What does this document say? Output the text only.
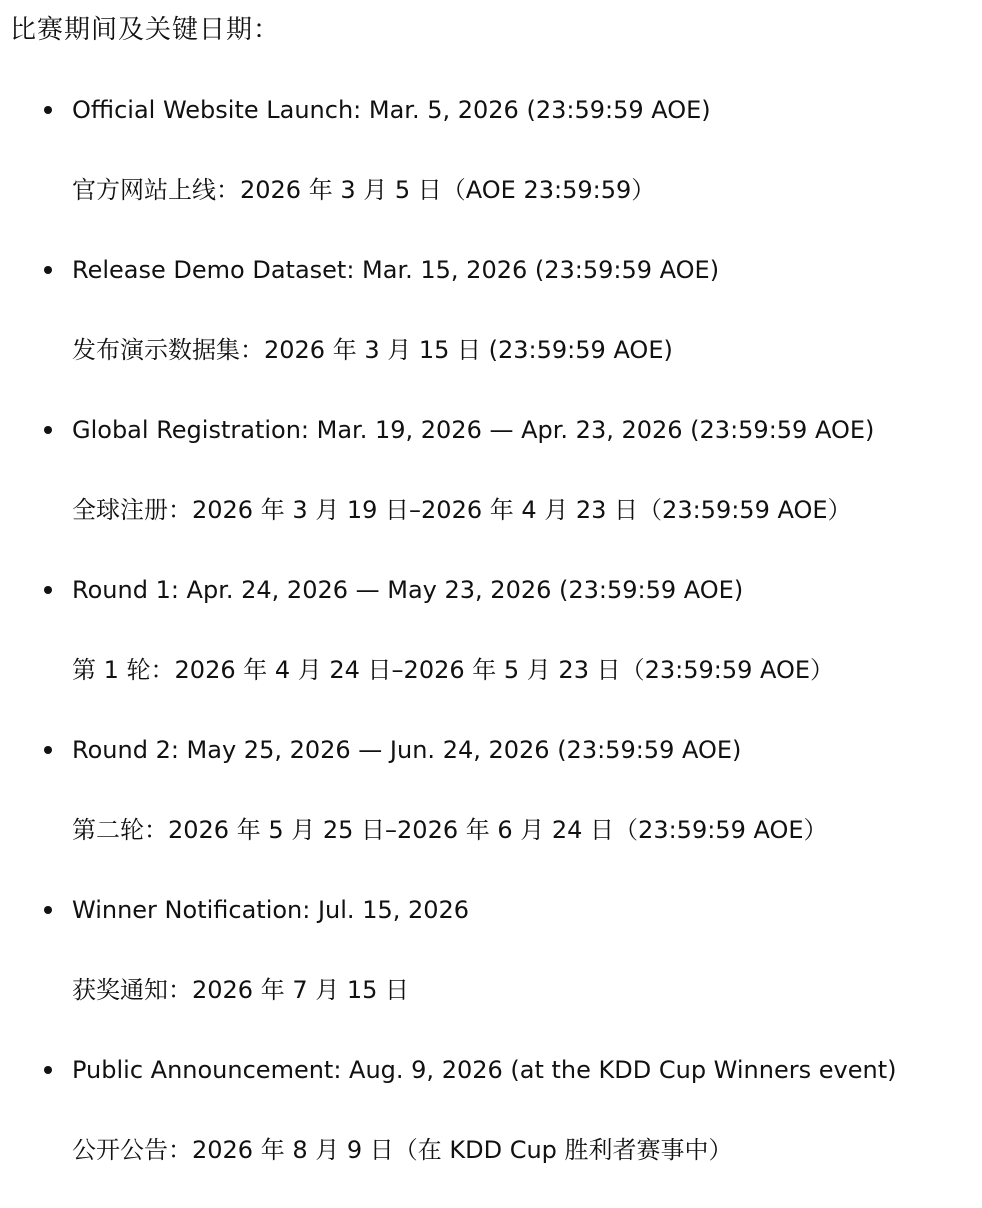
比赛期间及关键日期：
Official Website Launch: Mar. 5, 2026 (23:59:59 AOE)
官方网站上线：2026 年 3 月 5 日（AOE 23:59:59）
Release Demo Dataset: Mar. 15, 2026 (23:59:59 AOE)
发布演示数据集：2026 年 3 月 15 日 (23:59:59 AOE)
Global Registration: Mar. 19, 2026 — Apr. 23, 2026 (23:59:59 AOE)
全球注册：2026 年 3 月 19 日–2026 年 4 月 23 日（23:59:59 AOE）
Round 1: Apr. 24, 2026 — May 23, 2026 (23:59:59 AOE)
第 1 轮：2026 年 4 月 24 日–2026 年 5 月 23 日（23:59:59 AOE）
Round 2: May 25, 2026 — Jun. 24, 2026 (23:59:59 AOE)
第二轮：2026 年 5 月 25 日–2026 年 6 月 24 日（23:59:59 AOE）
Winner Notification: Jul. 15, 2026
获奖通知：2026 年 7 月 15 日
Public Announcement: Aug. 9, 2026 (at the KDD Cup Winners event)
公开公告：2026 年 8 月 9 日（在 KDD Cup 胜利者赛事中）
